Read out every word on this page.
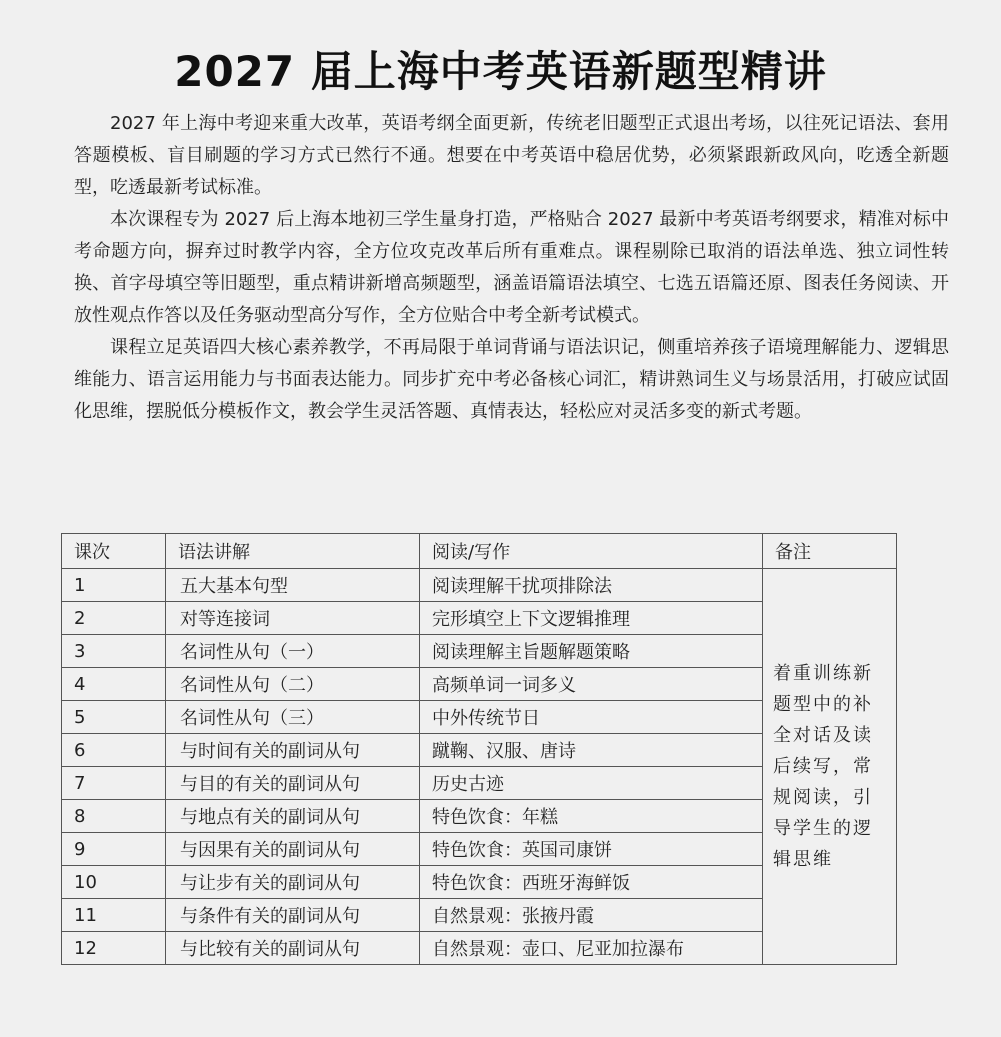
2027 届上海中考英语新题型精讲

2027 年上海中考迎来重大改革，英语考纲全面更新，传统老旧题型正式退出考场，以往死记语法、套用答题模板、盲目刷题的学习方式已然行不通。想要在中考英语中稳居优势，必须紧跟新政风向，吃透全新题型，吃透最新考试标准。

本次课程专为 2027 后上海本地初三学生量身打造，严格贴合 2027 最新中考英语考纲要求，精准对标中考命题方向，摒弃过时教学内容，全方位攻克改革后所有重难点。课程剔除已取消的语法单选、独立词性转换、首字母填空等旧题型，重点精讲新增高频题型，涵盖语篇语法填空、七选五语篇还原、图表任务阅读、开放性观点作答以及任务驱动型高分写作，全方位贴合中考全新考试模式。

课程立足英语四大核心素养教学，不再局限于单词背诵与语法识记，侧重培养孩子语境理解能力、逻辑思维能力、语言运用能力与书面表达能力。同步扩充中考必备核心词汇，精讲熟词生义与场景活用，打破应试固化思维，摆脱低分模板作文，教会学生灵活答题、真情表达，轻松应对灵活多变的新式考题。

课次	语法讲解	阅读/写作	备注
1	五大基本句型	阅读理解干扰项排除法	着重训练新题型中的补全对话及读后续写，常规阅读，引导学生的逻辑思维
2	对等连接词	完形填空上下文逻辑推理	
3	名词性从句（一）	阅读理解主旨题解题策略	
4	名词性从句（二）	高频单词一词多义	
5	名词性从句（三）	中外传统节日	
6	与时间有关的副词从句	蹴鞠、汉服、唐诗	
7	与目的有关的副词从句	历史古迹	
8	与地点有关的副词从句	特色饮食：年糕	
9	与因果有关的副词从句	特色饮食：英国司康饼	
10	与让步有关的副词从句	特色饮食：西班牙海鲜饭	
11	与条件有关的副词从句	自然景观：张掖丹霞	
12	与比较有关的副词从句	自然景观：壶口、尼亚加拉瀑布	
